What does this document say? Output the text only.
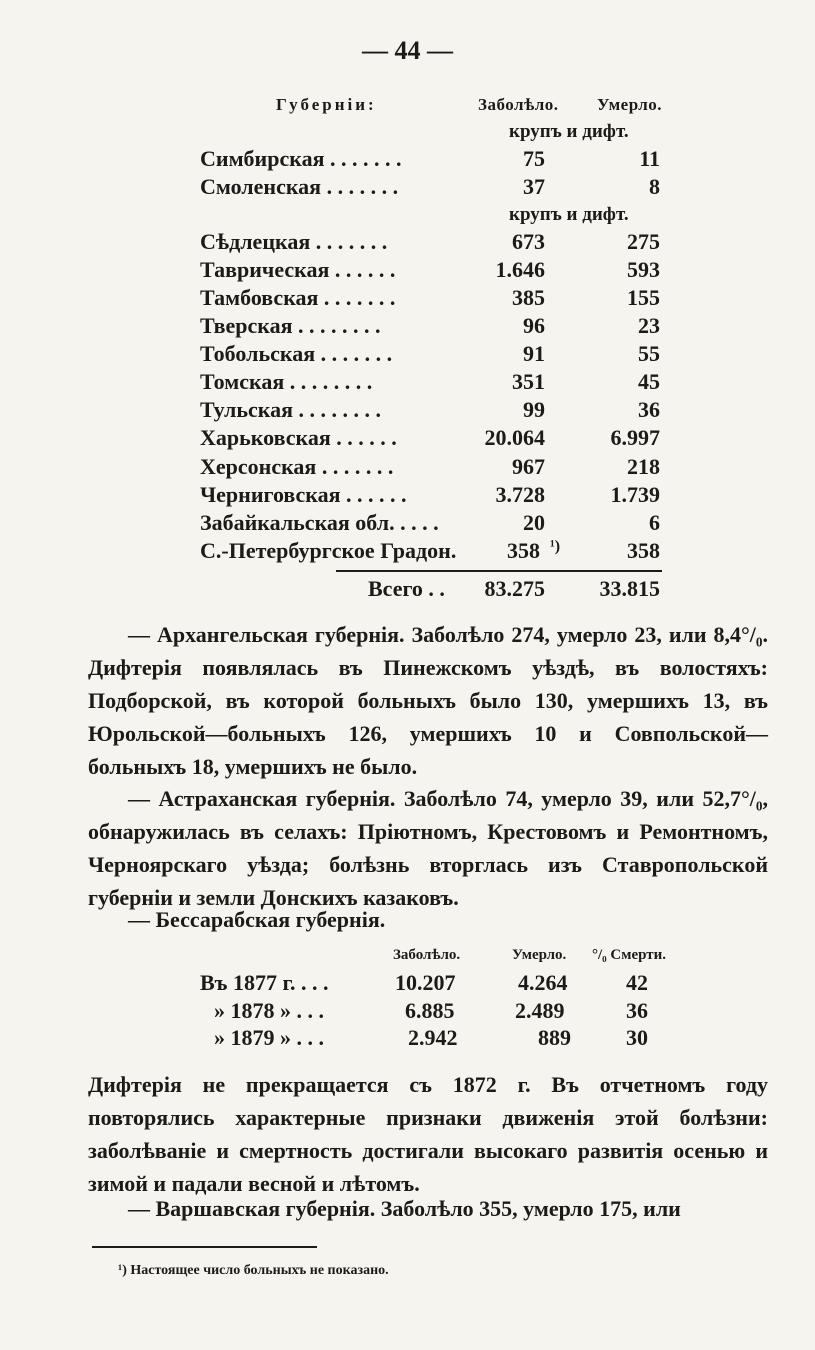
— 44 —
Губерніи:	Заболѣло. Умерло.
крупъ и дифт.
Симбирская . . . . . . .	75	11
Смоленская . . . . . . .	37	8
крупъ и дифт.
Сѣдлецкая . . . . . . .	673	275
Таврическая . . . . . .	1.646	593
Тамбовская . . . . . . .	385	155
Тверская . . . . . . . .	96	23
Тобольская . . . . . . .	91	55
Томская . . . . . . . .	351	45
Тульская . . . . . . . .	99	36
Харьковская . . . . . .	20.064	6.997
Херсонская . . . . . . .	967	218
Черниговская . . . . . .	3.728	1.739
Забайкальская обл. . . . .	20	6
С.-Петербургское Градон. 358 ¹)	358
Всего . . 83.275 33.815
— Архангельская губернія. Заболѣло 274, умерло 23, или 8,4°/₀. Дифтерія появлялась въ Пинежскомъ уѣздѣ, въ волостяхъ: Подборской, въ которой больныхъ было 130, умершихъ 13, въ Юрольской—больныхъ 126, умершихъ 10 и Совпольской—больныхъ 18, умершихъ не было.
— Астраханская губернія. Заболѣло 74, умерло 39, или 52,7°/₀, обнаружилась въ селахъ: Пріютномъ, Крестовомъ и Ремонтномъ, Черноярскаго уѣзда; болѣзнь вторглась изъ Ставропольской губерніи и земли Донскихъ казаковъ.
— Бессарабская губернія.
Заболѣло.	Умерло. °/₀ Смерти.
Въ 1877 г. . . .	10.207	4.264	42
» 1878 » . . .	6.885	2.489	36
» 1879 » . . .	2.942	889	30
Дифтерія не прекращается съ 1872 г. Въ отчетномъ году повторялись характерные признаки движенія этой болѣзни: заболѣваніе и смертность достигали высокаго развитія осенью и зимой и падали весной и лѣтомъ.
— Варшавская губернія. Заболѣло 355, умерло 175, или
¹) Настоящее число больныхъ не показано.
